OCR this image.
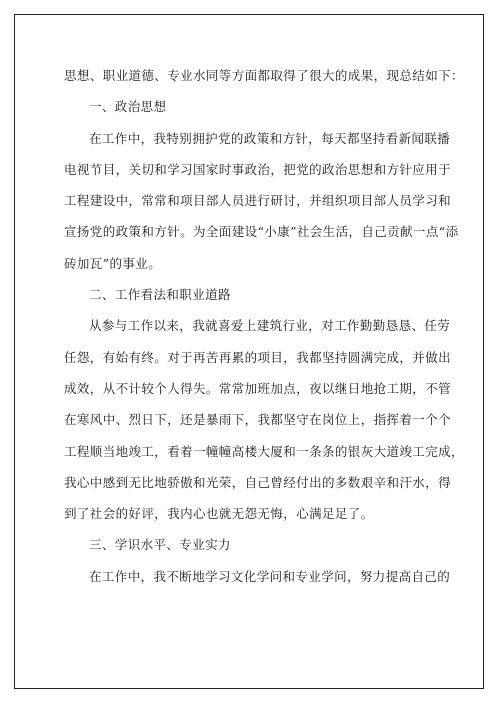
思想、职业道德、专业水同等方面都取得了很大的成果，现总结如下：
一、政治思想
在工作中，我特别拥护党的政策和方针，每天都坚持看新闻联播
电视节目，关切和学习国家时事政治，把党的政治思想和方针应用于
工程建设中，常常和项目部人员进行研讨，并组织项目部人员学习和
宣扬党的政策和方针。为全面建设“小康”社会生活，自己贡献一点“添
砖加瓦”的事业。
二、工作看法和职业道路
从参与工作以来，我就喜爱上建筑行业，对工作勤勤恳恳、任劳
任怨，有始有终。对于再苦再累的项目，我都坚持圆满完成，并做出
成效，从不计较个人得失。常常加班加点，夜以继日地抢工期，不管
在寒风中、烈日下，还是暴雨下，我都坚守在岗位上，指挥着一个个
工程顺当地竣工，看着一幢幢高楼大厦和一条条的银灰大道竣工完成，
我心中感到无比地骄傲和光荣，自己曾经付出的多数艰辛和汗水，得
到了社会的好评，我内心也就无怨无悔，心满足足了。
三、学识水平、专业实力
在工作中，我不断地学习文化学问和专业学问，努力提高自己的
